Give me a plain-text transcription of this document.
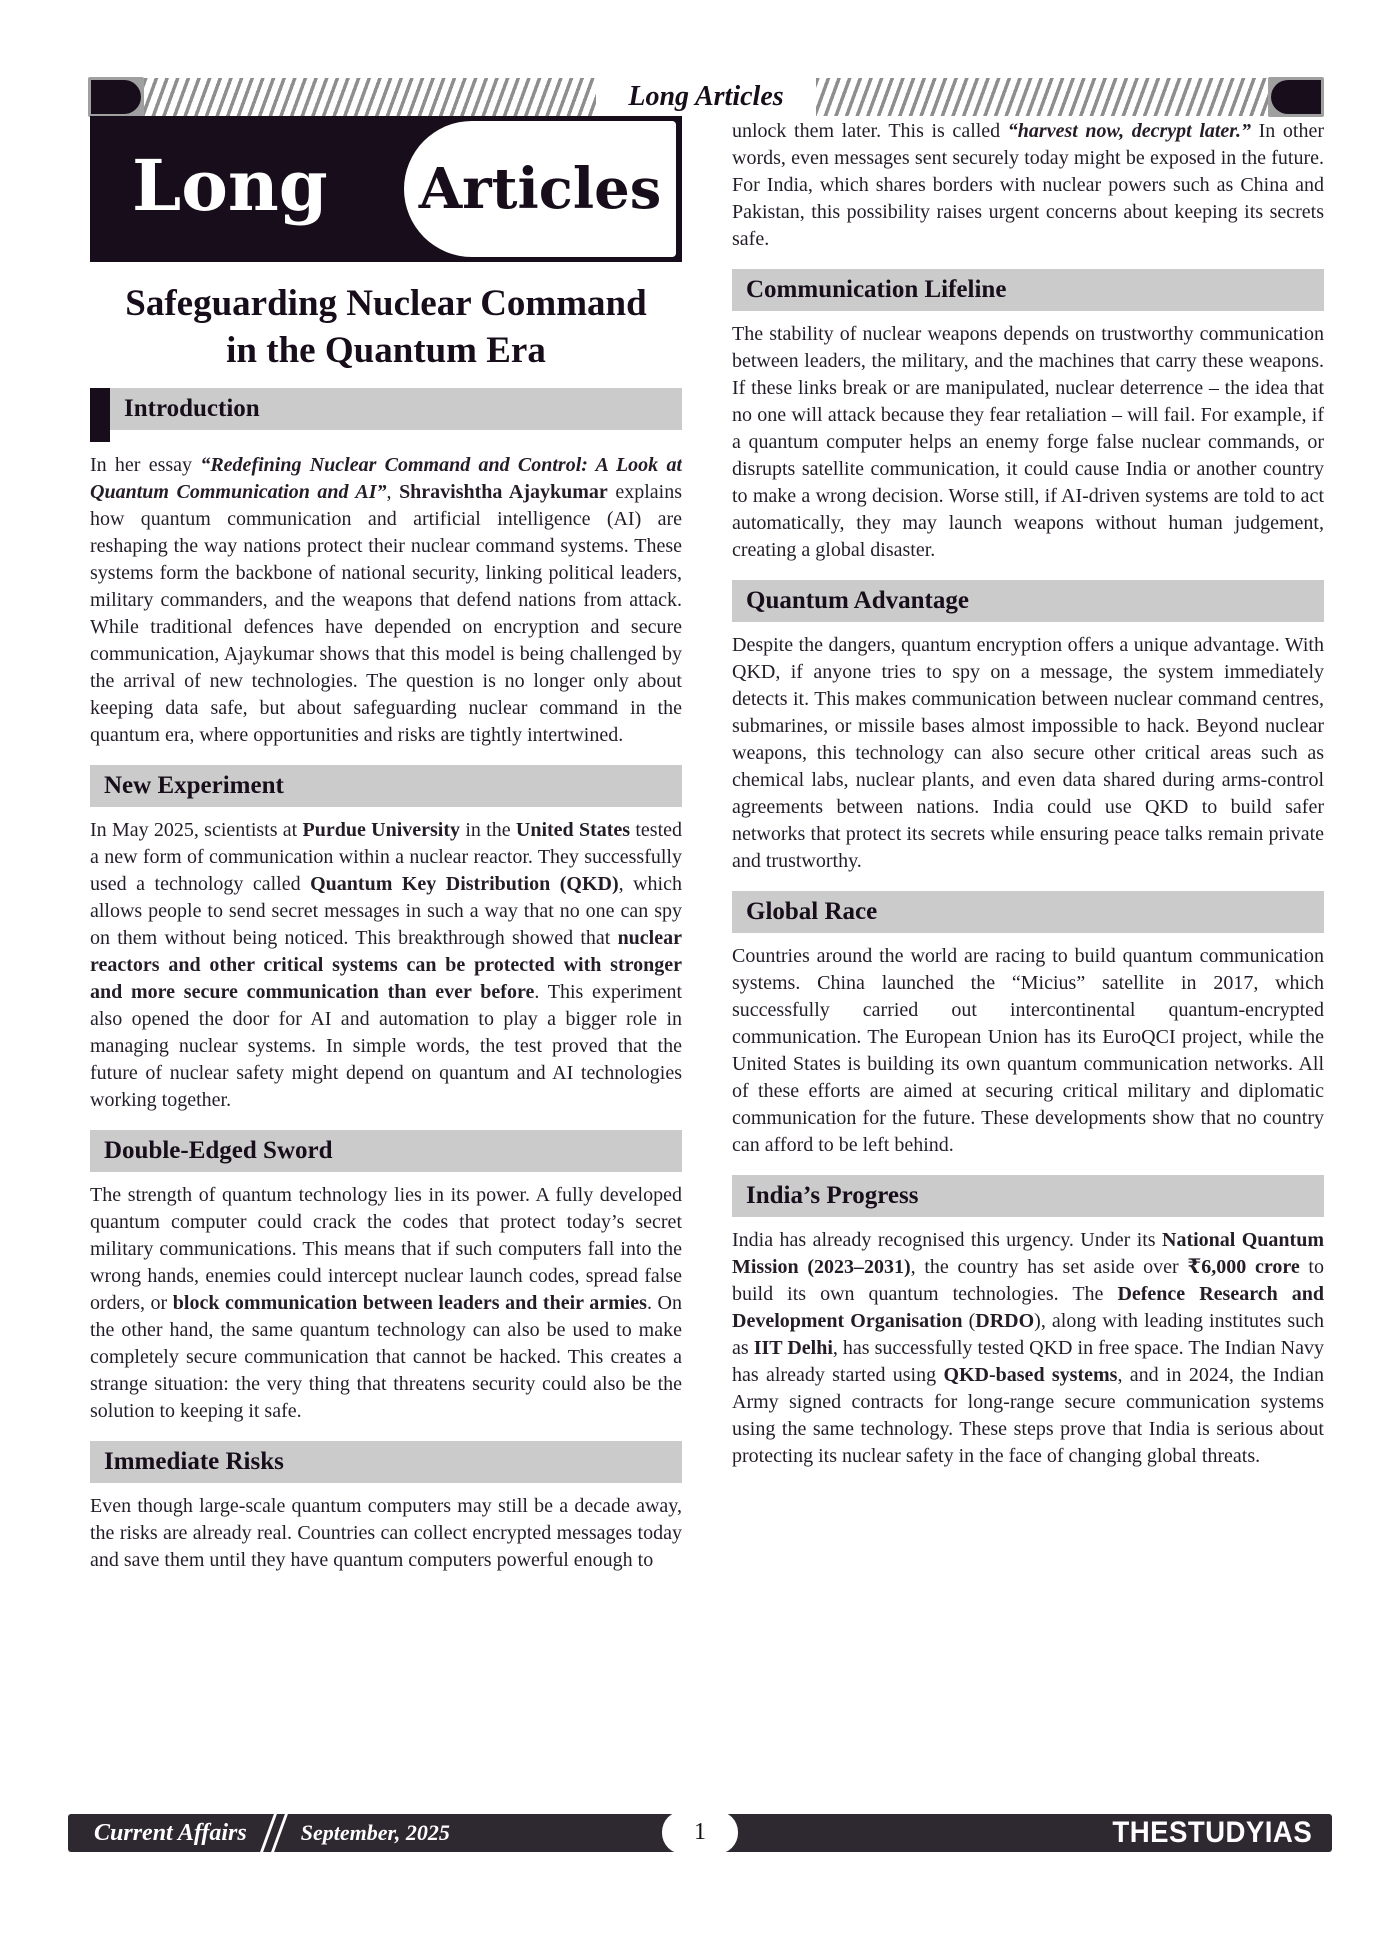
Long Articles
Long Articles
Safeguarding Nuclear Command
in the Quantum Era
Introduction

In her essay “Redefining Nuclear Command and Control: A Look at Quantum Communication and AI”, Shravishtha Ajaykumar explains how quantum communication and artificial intelligence (AI) are reshaping the way nations protect their nuclear command systems. These systems form the backbone of national security, linking political leaders, military commanders, and the weapons that defend nations from attack. While traditional defences have depended on encryption and secure communication, Ajaykumar shows that this model is being challenged by the arrival of new technologies. The question is no longer only about keeping data safe, but about safeguarding nuclear command in the quantum era, where opportunities and risks are tightly intertwined.

New Experiment

In May 2025, scientists at Purdue University in the United States tested a new form of communication within a nuclear reactor. They successfully used a technology called Quantum Key Distribution (QKD), which allows people to send secret messages in such a way that no one can spy on them without being noticed. This breakthrough showed that nuclear reactors and other critical systems can be protected with stronger and more secure communication than ever before. This experiment also opened the door for AI and automation to play a bigger role in managing nuclear systems. In simple words, the test proved that the future of nuclear safety might depend on quantum and AI technologies working together.

Double-Edged Sword

The strength of quantum technology lies in its power. A fully developed quantum computer could crack the codes that protect today’s secret military communications. This means that if such computers fall into the wrong hands, enemies could intercept nuclear launch codes, spread false orders, or block communication between leaders and their armies. On the other hand, the same quantum technology can also be used to make completely secure communication that cannot be hacked. This creates a strange situation: the very thing that threatens security could also be the solution to keeping it safe.

Immediate Risks

Even though large-scale quantum computers may still be a decade away, the risks are already real. Countries can collect encrypted messages today and save them until they have quantum computers powerful enough to

unlock them later. This is called “harvest now, decrypt later.” In other words, even messages sent securely today might be exposed in the future. For India, which shares borders with nuclear powers such as China and Pakistan, this possibility raises urgent concerns about keeping its secrets safe.

Communication Lifeline

The stability of nuclear weapons depends on trustworthy communication between leaders, the military, and the machines that carry these weapons. If these links break or are manipulated, nuclear deterrence – the idea that no one will attack because they fear retaliation – will fail. For example, if a quantum computer helps an enemy forge false nuclear commands, or disrupts satellite communication, it could cause India or another country to make a wrong decision. Worse still, if AI-driven systems are told to act automatically, they may launch weapons without human judgement, creating a global disaster.

Quantum Advantage

Despite the dangers, quantum encryption offers a unique advantage. With QKD, if anyone tries to spy on a message, the system immediately detects it. This makes communication between nuclear command centres, submarines, or missile bases almost impossible to hack. Beyond nuclear weapons, this technology can also secure other critical areas such as chemical labs, nuclear plants, and even data shared during arms-control agreements between nations. India could use QKD to build safer networks that protect its secrets while ensuring peace talks remain private and trustworthy.

Global Race

Countries around the world are racing to build quantum communication systems. China launched the “Micius” satellite in 2017, which successfully carried out intercontinental quantum-encrypted communication. The European Union has its EuroQCI project, while the United States is building its own quantum communication networks. All of these efforts are aimed at securing critical military and diplomatic communication for the future. These developments show that no country can afford to be left behind.

India’s Progress

India has already recognised this urgency. Under its National Quantum Mission (2023–2031), the country has set aside over ₹6,000 crore to build its own quantum technologies. The Defence Research and Development Organisation (DRDO), along with leading institutes such as IIT Delhi, has successfully tested QKD in free space. The Indian Navy has already started using QKD-based systems, and in 2024, the Indian Army signed contracts for long-range secure communication systems using the same technology. These steps prove that India is serious about protecting its nuclear safety in the face of changing global threats.

Current Affairs September, 2025	1	THESTUDYIAS
